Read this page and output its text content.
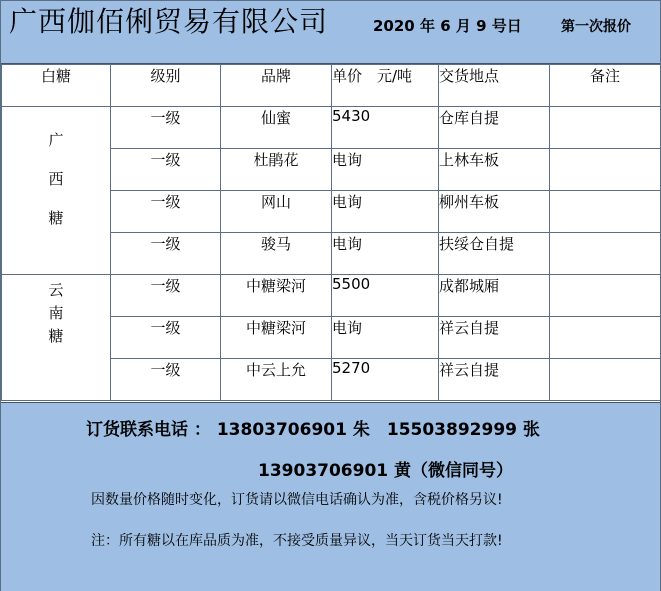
广西伽佰俐贸易有限公司	2020 年 6 月 9 号日	第一次报价
白糖	级别	品牌	单价　元/吨	交货地点	备注

广
西
糖	一级	仙蜜	5430	仓库自提	
	一级	杜鹃花	电询	上林车板	
	一级	网山	电询	柳州车板	
	一级	骏马	电询	扶绥仓自提	

云
南
糖	一级	中糖梁河	5500	成都城厢	
	一级	中糖梁河	电询	祥云自提	
	一级	中云上允	5270	祥云自提	
订货联系电话 ： 13803706901 朱　15503892999 张
13903706901 黄（微信同号）
因数量价格随时变化，订货请以微信电话确认为准，含税价格另议!
注：所有糖以在库品质为准，不接受质量异议，当天订货当天打款!
